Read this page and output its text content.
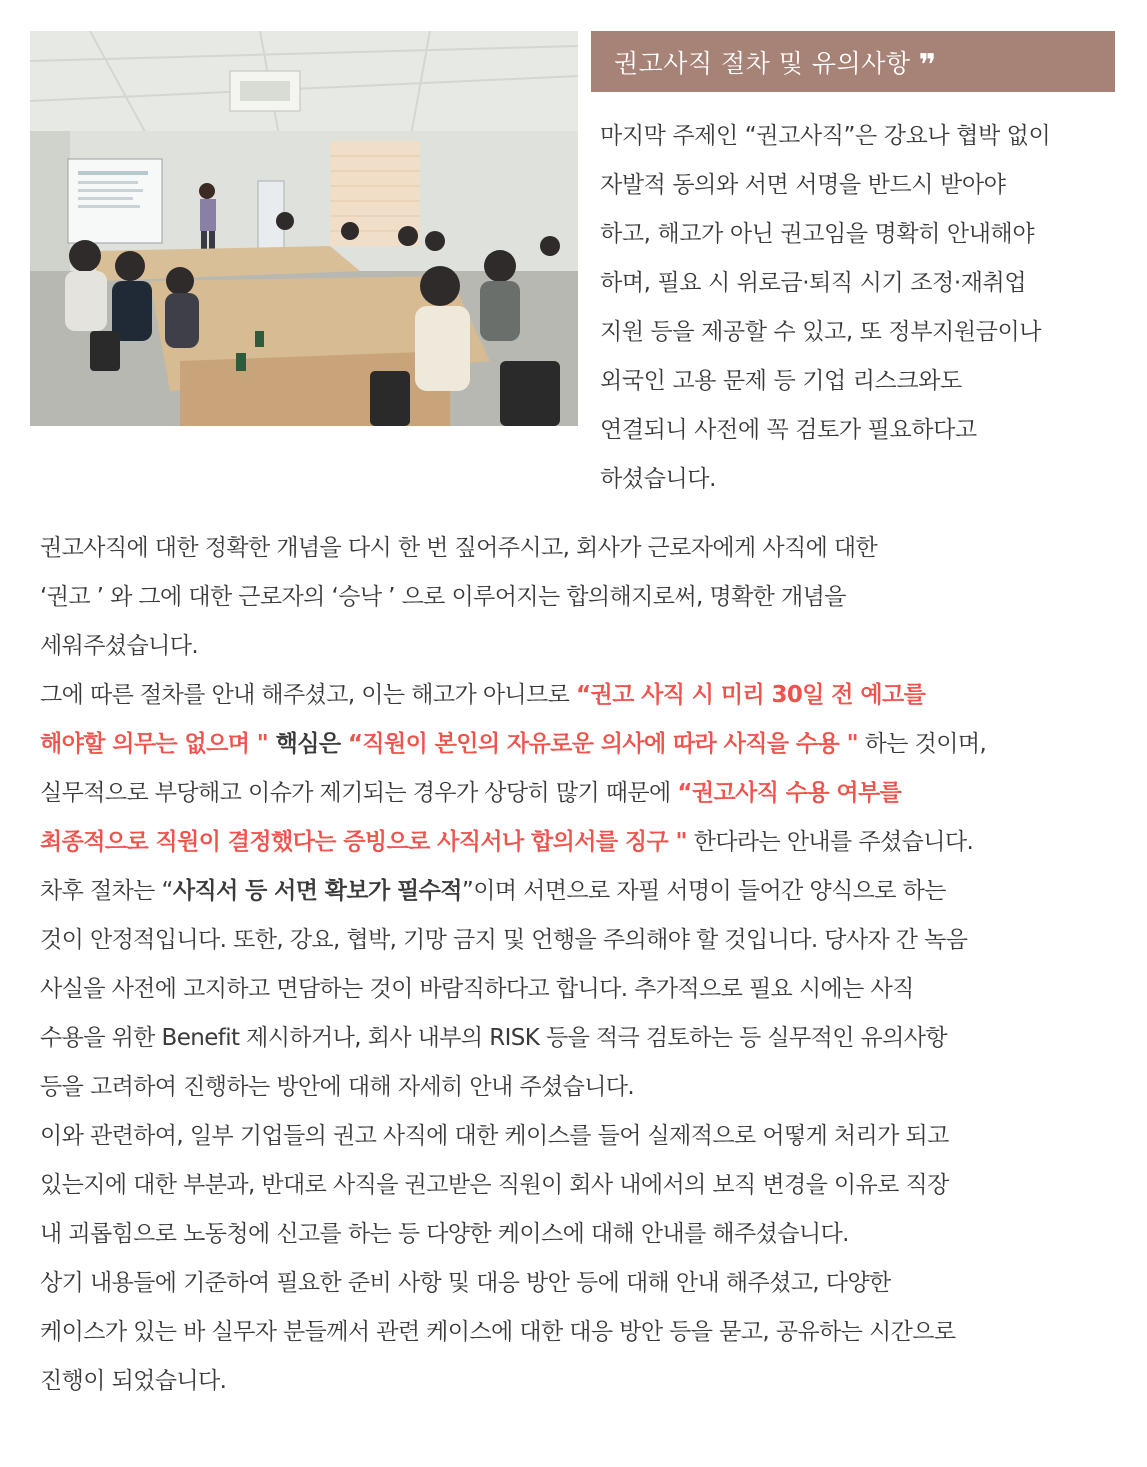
권고사직 절차 및 유의사항 ❞

마지막 주제인 “권고사직”은 강요나 협박 없이

자발적 동의와 서면 서명을 반드시 받아야

하고, 해고가 아닌 권고임을 명확히 안내해야

하며, 필요 시 위로금·퇴직 시기 조정·재취업

지원 등을 제공할 수 있고, 또 정부지원금이나

외국인 고용 문제 등 기업 리스크와도

연결되니 사전에 꼭 검토가 필요하다고

하셨습니다.

권고사직에 대한 정확한 개념을 다시 한 번 짚어주시고, 회사가 근로자에게 사직에 대한

‘권고 ’ 와 그에 대한 근로자의 ‘승낙 ’ 으로 이루어지는 합의해지로써, 명확한 개념을

세워주셨습니다.

그에 따른 절차를 안내 해주셨고, 이는 해고가 아니므로 “권고 사직 시 미리 30일 전 예고를

해야할 의무는 없으며 " 핵심은 “직원이 본인의 자유로운 의사에 따라 사직을 수용 " 하는 것이며,

실무적으로 부당해고 이슈가 제기되는 경우가 상당히 많기 때문에 “권고사직 수용 여부를

최종적으로 직원이 결정했다는 증빙으로 사직서나 합의서를 징구 " 한다라는 안내를 주셨습니다.

차후 절차는 “사직서 등 서면 확보가 필수적”이며 서면으로 자필 서명이 들어간 양식으로 하는

것이 안정적입니다. 또한, 강요, 협박, 기망 금지 및 언행을 주의해야 할 것입니다. 당사자 간 녹음

사실을 사전에 고지하고 면담하는 것이 바람직하다고 합니다. 추가적으로 필요 시에는 사직

수용을 위한 Benefit 제시하거나, 회사 내부의 RISK 등을 적극 검토하는 등 실무적인 유의사항

등을 고려하여 진행하는 방안에 대해 자세히 안내 주셨습니다.

이와 관련하여, 일부 기업들의 권고 사직에 대한 케이스를 들어 실제적으로 어떻게 처리가 되고

있는지에 대한 부분과, 반대로 사직을 권고받은 직원이 회사 내에서의 보직 변경을 이유로 직장

내 괴롭힘으로 노동청에 신고를 하는 등 다양한 케이스에 대해 안내를 해주셨습니다.

상기 내용들에 기준하여 필요한 준비 사항 및 대응 방안 등에 대해 안내 해주셨고, 다양한

케이스가 있는 바 실무자 분들께서 관련 케이스에 대한 대응 방안 등을 묻고, 공유하는 시간으로

진행이 되었습니다.
